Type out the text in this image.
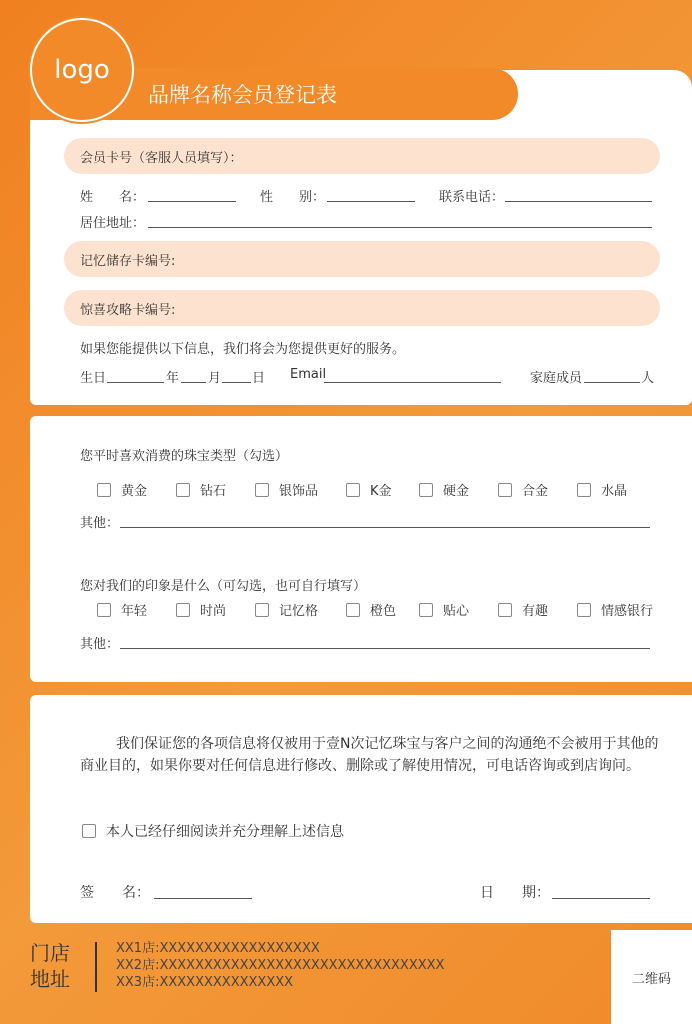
品牌名称会员登记表
logo
会员卡号（客服人员填写）：
姓　　名：	性　　别：	联系电话：
居住地址：
记忆储存卡编号:
惊喜攻略卡编号:
如果您能提供以下信息，我们将会为您提供更好的服务。
生日	年 月 日 Email	家庭成员	人
您平时喜欢消费的珠宝类型（勾选）
黄金	钻石	银饰品	K金	硬金	合金	水晶
其他：
您对我们的印象是什么（可勾选，也可自行填写）
年轻	时尚	记忆格	橙色	贴心	有趣	情感银行
其他：
我们保证您的各项信息将仅被用于壹N次记忆珠宝与客户之间的沟通绝不会被用于其他的商业目的，如果你要对任何信息进行修改、删除或了解使用情况，可电话咨询或到店询问。
本人已经仔细阅读并充分理解上述信息
签　　名：	日　　期：
门店
地址
XX1店:XXXXXXXXXXXXXXXXXX
XX2店:XXXXXXXXXXXXXXXXXXXXXXXXXXXXXXXX
XX3店:XXXXXXXXXXXXXXX	二维码
